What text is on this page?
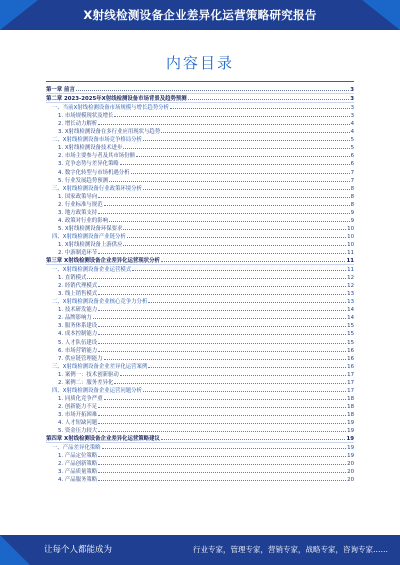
X射线检测设备企业差异化运营策略研究报告
内容目录
第一章 前言	3
第二章 2023-2025年X射线检测设备市场背景及趋势预测	3
一、当前X射线检测设备市场规模与增长趋势分析	3
1. 市场规模现状及增长	3
2. 增长动力解析	4
3. X射线检测设备在多行业应用现状与趋势	4
二、X射线检测设备市场竞争格局分析	5
1. X射线检测设备技术进步	5
2. 市场主要参与者及其市场份额	6
3. 竞争态势与差异化策略	6
4. 数字化转型与市场机遇分析	7
5. 行业发展趋势预测	7
三、X射线检测设备行业政策环境分析	8
1. 国家政策导向	8
2. 行业标准与规范	8
3. 地方政策支持	9
4. 政策对行业的影响	9
5. X射线检测设备环保要求	10
四、X射线检测设备产业链分析	10
1. X射线检测设备上游供应	10
2. 中游制造环节	11
第三章 X射线检测设备企业差异化运营现状分析	11
一、X射线检测设备企业运营模式	11
1. 直销模式	12
2. 经销代理模式	12
3. 线上销售模式	13
二、X射线检测设备企业核心竞争力分析	13
1. 技术研发能力	14
2. 品牌影响力	14
3. 服务体系建设	15
4. 成本控制能力	15
5. 人才队伍建设	15
6. 市场营销能力	16
7. 供应链管理能力	16
三、X射线检测设备企业差异化运营案例	16
1. 案例一：技术创新驱动	17
2. 案例二：服务差异化	17
四、X射线检测设备企业运营问题分析	17
1. 同质化竞争严重	18
2. 创新能力不足	18
3. 市场开拓困难	18
4. 人才短缺问题	19
5. 资金压力较大	19
第四章 X射线检测设备企业差异化运营策略建议	19
一、产品差异化策略	19
1. 产品定位策略	19
2. 产品创新策略	20
3. 产品质量策略	20
4. 产品服务策略	20
让每个人都能成为	行业专家，管理专家，营销专家，战略专家，咨询专家……
